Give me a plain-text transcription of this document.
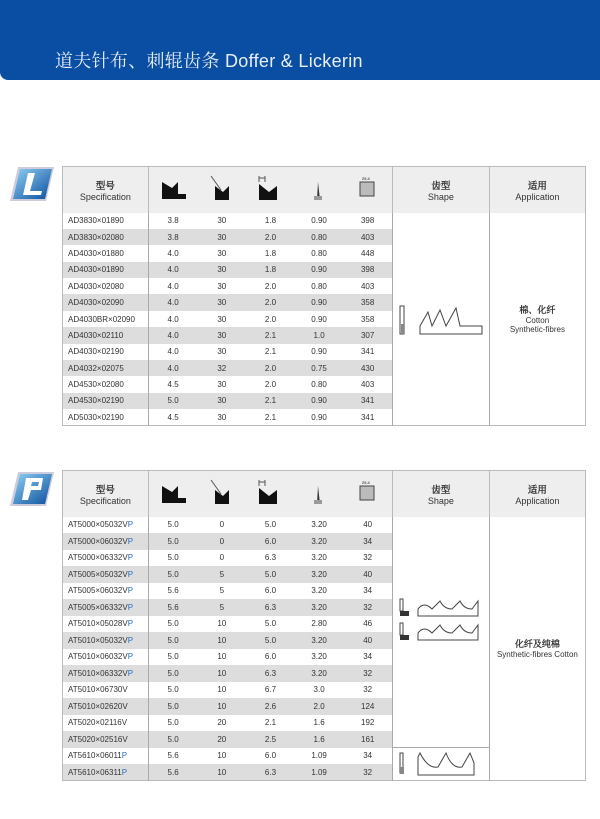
道夫针布、刺辊齿条 Doffer & Lickerin
型号
Specification					25.4	齿型
Shape	适用
Application
AD3830×01890	3.8	30	1.8	0.90	398		棉、化纤
Cotton
Synthetic-fibres

AD3830×02080	3.8	30	2.0	0.80	403		
AD4030×01880	4.0	30	1.8	0.80	448		
AD4030×01890	4.0	30	1.8	0.90	398		
AD4030×02080	4.0	30	2.0	0.80	403		
AD4030×02090	4.0	30	2.0	0.90	358		
AD4030BR×02090	4.0	30	2.0	0.90	358		
AD4030×02110	4.0	30	2.1	1.0	307		
AD4030×02190	4.0	30	2.1	0.90	341		
AD4032×02075	4.0	32	2.0	0.75	430		
AD4530×02080	4.5	30	2.0	0.80	403		
AD4530×02190	5.0	30	2.1	0.90	341		
AD5030×02190	4.5	30	2.1	0.90	341		
型号
Specification					25.4	齿型
Shape	适用
Application
AT5000×05032VP	5.0	0	5.0	3.20	40		化纤及纯棉
Synthetic-fibres Cotton

AT5000×06032VP	5.0	0	6.0	3.20	34		
AT5000×06332VP	5.0	0	6.3	3.20	32		
AT5005×05032VP	5.0	5	5.0	3.20	40		
AT5005×06032VP	5.6	5	6.0	3.20	34		
AT5005×06332VP	5.6	5	6.3	3.20	32		
AT5010×05028VP	5.0	10	5.0	2.80	46		
AT5010×05032VP	5.0	10	5.0	3.20	40		
AT5010×06032VP	5.0	10	6.0	3.20	34		
AT5010×06332VP	5.0	10	6.3	3.20	32		
AT5010×06730V	5.0	10	6.7	3.0	32		
AT5010×02620V	5.0	10	2.6	2.0	124		
AT5020×02116V	5.0	20	2.1	1.6	192		
AT5020×02516V	5.0	20	2.5	1.6	161		
AT5610×06011P	5.6	10	6.0	1.09	34	
AT5610×06311P	5.6	10	6.3	1.09	32		
